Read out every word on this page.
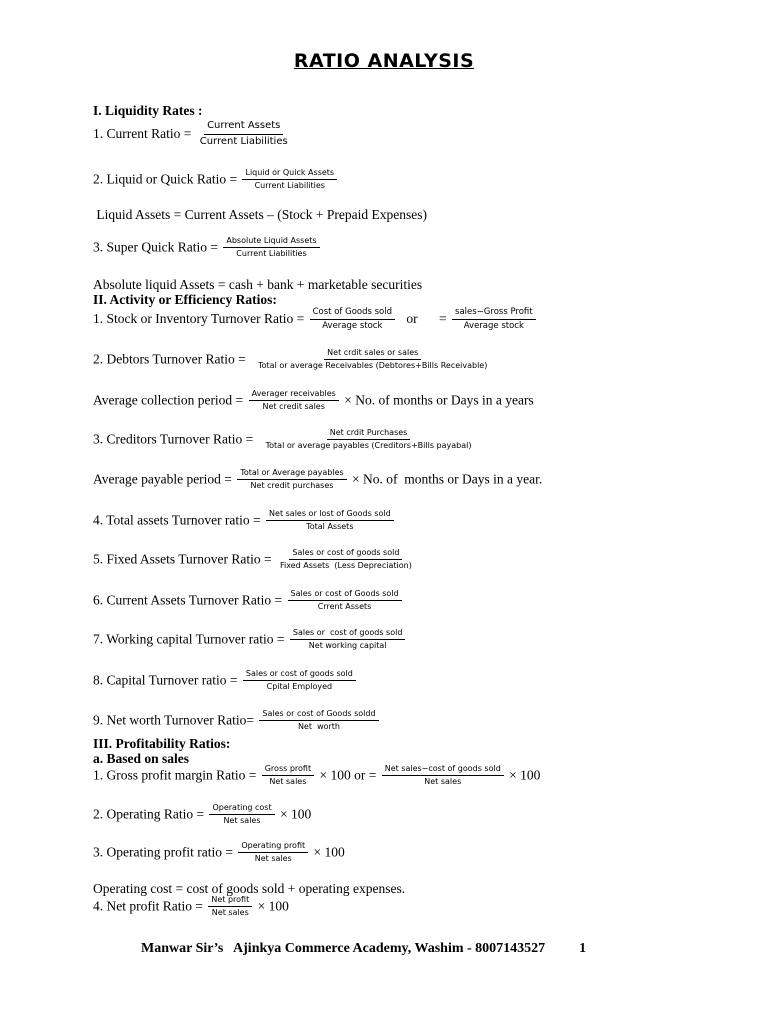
RATIO ANALYSIS
I. Liquidity Rates :
1. Current Ratio = $\frac{\text{Current Assets}}{\text{Current Liabilities}}$
2. Liquid or Quick Ratio = $\frac{\text{Liquid or Quick Assets}}{\text{Current Liabilities}}$
Liquid Assets = Current Assets – (Stock + Prepaid Expenses)
3. Super Quick Ratio = $\frac{\text{Absolute Liquid Assets}}{\text{Current Liabilities}}$
Absolute liquid Assets = cash + bank + marketable securities
II. Activity or Efficiency Ratios:
1. Stock or Inventory Turnover Ratio = $\frac{\text{Cost of Goods sold}}{\text{Average stock}}$ or = $\frac{\text{sales−Gross Profit}}{\text{Average stock}}$
2. Debtors Turnover Ratio = $\frac{\text{Net crdit sales or sales}}{\text{Total or average Receivables (Debtores+Bills Receivable)}}$
Average collection period = $\frac{\text{Averager receivables}}{\text{Net credit sales}} \times No$. of months or Days in a years
3. Creditors Turnover Ratio = $\frac{\text{Net crdit Purchases}}{\text{Total or average payables (Creditors+Bills payabal)}}$
Average payable period = $\frac{\text{Total or Average payables}}{\text{Net credit purchases}} \times No$. of  months or Days in a year.
4. Total assets Turnover ratio = $\frac{\text{Net sales or lost of Goods sold}}{\text{Total Assets}}$
5. Fixed Assets Turnover Ratio = $\frac{\text{Sales or cost of goods sold}}{\text{Fixed Assets  (Less Depreciation)}}$
6. Current Assets Turnover Ratio = $\frac{\text{Sales or cost of Goods sold}}{\text{Crrent Assets}}$
7. Working capital Turnover ratio = $\frac{\text{Sales or  cost of goods sold}}{\text{Net working capital}}$
8. Capital Turnover ratio = $\frac{\text{Sales or cost of goods sold}}{\text{Cpital Employed}}$
9. Net worth Turnover Ratio= $\frac{\text{Sales or cost of Goods soldd}}{\text{Net  worth}}$
III. Profitability Ratios:
a. Based on sales
1. Gross profit margin Ratio = $\frac{\text{Gross profit}}{\text{Net sales}} \times 100$ or = $\frac{\text{Net sales−cost of goods sold}}{\text{Net sales}} \times 100$
2. Operating Ratio = $\frac{\text{Operating cost}}{\text{Net sales}} \times 100$
3. Operating profit ratio = $\frac{\text{Operating profit}}{\text{Net sales}} \times 100$
Operating cost = cost of goods sold + operating expenses.
4. Net profit Ratio = $\frac{\text{Net profit}}{\text{Net sales}} \times 100$
Manwar Sir’s   Ajinkya Commerce Academy, Washim - 8007143527 1
